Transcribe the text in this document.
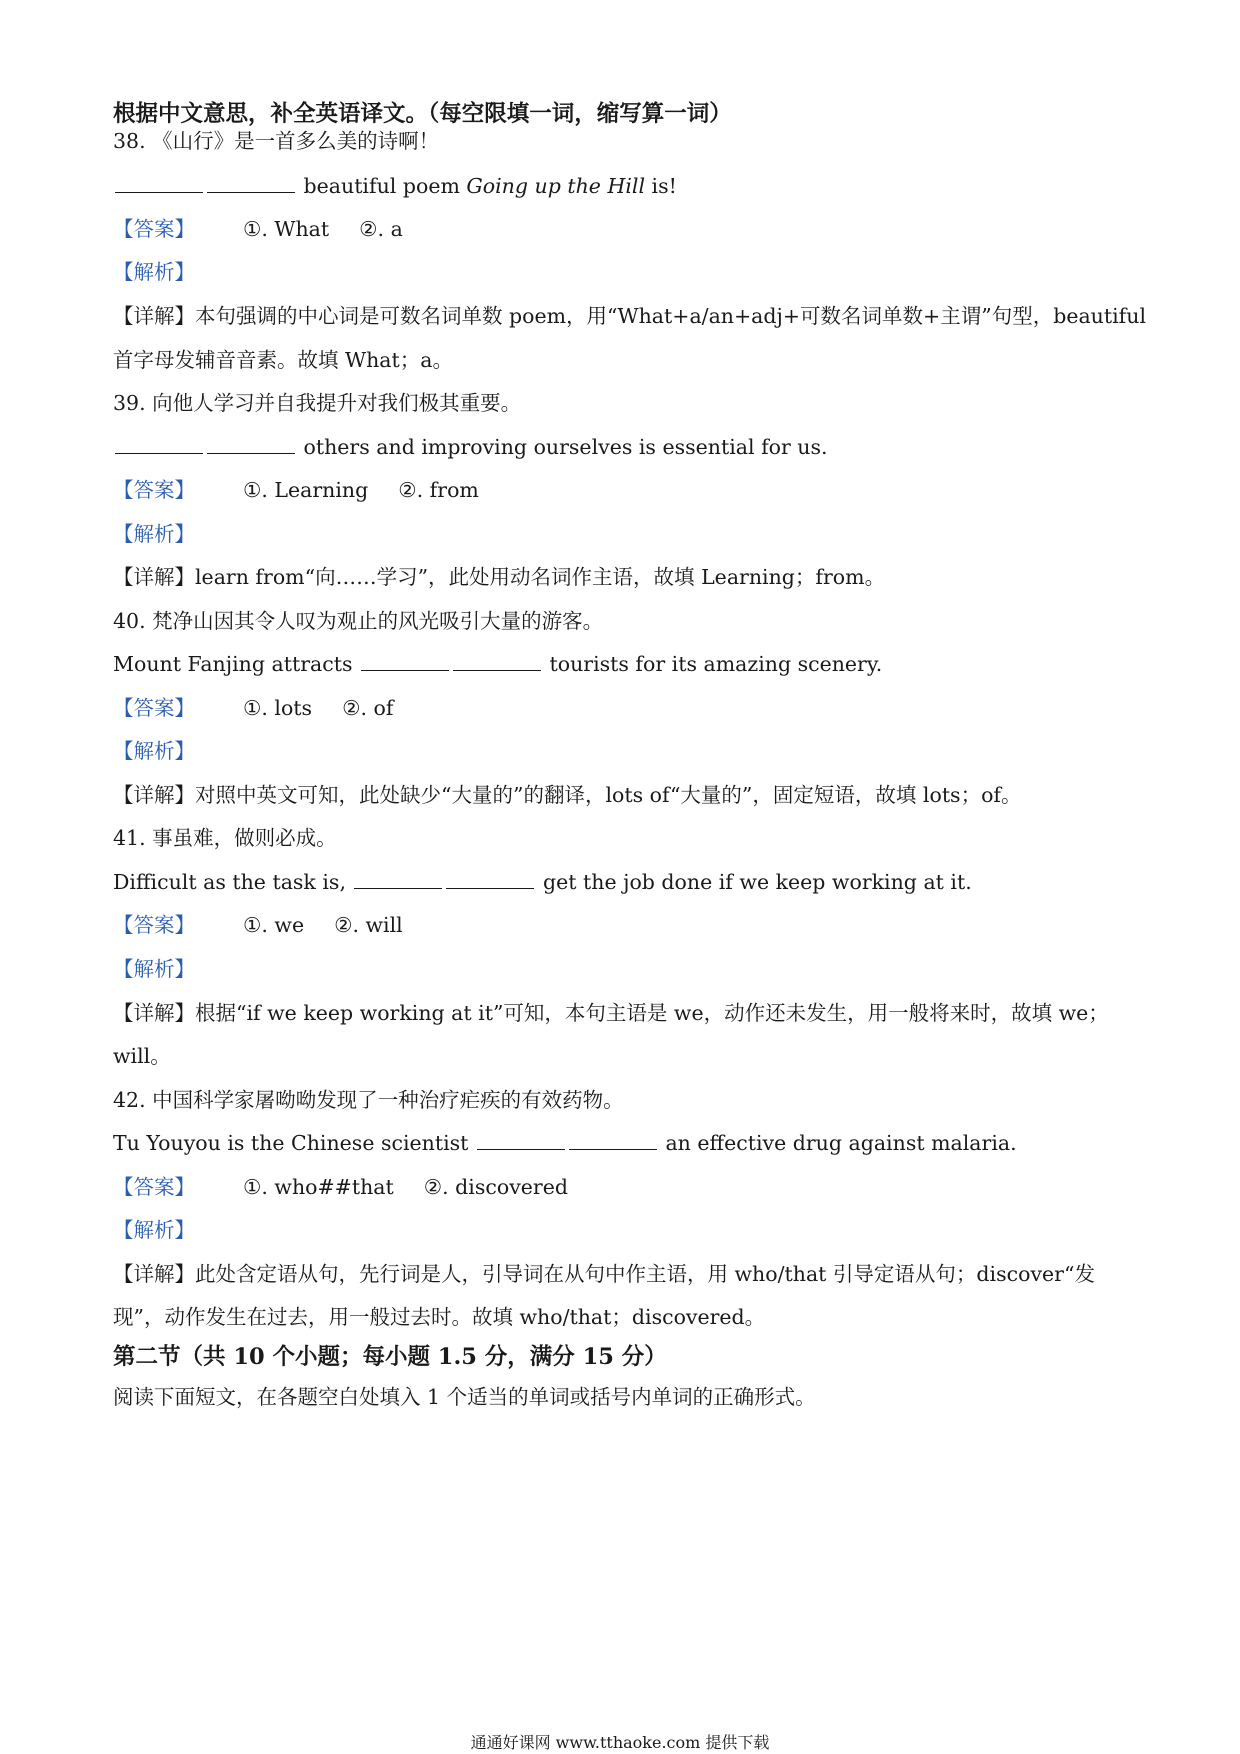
根据中文意思，补全英语译文。（每空限填一词，缩写算一词）
38. 《山行》是一首多么美的诗啊！
beautiful poem Going up the Hill is!
【答案】 ①. What ②. a
【解析】
【详解】本句强调的中心词是可数名词单数 poem，用“What+a/an+adj+可数名词单数+主谓”句型，beautiful
首字母发辅音音素。故填 What；a。
39. 向他人学习并自我提升对我们极其重要。
others and improving ourselves is essential for us.
【答案】 ①. Learning ②. from
【解析】
【详解】learn from“向……学习”，此处用动名词作主语，故填 Learning；from。
40. 梵净山因其令人叹为观止的风光吸引大量的游客。
Mount Fanjing attracts	tourists for its amazing scenery.
【答案】 ①. lots ②. of
【解析】
【详解】对照中英文可知，此处缺少“大量的”的翻译，lots of“大量的”，固定短语，故填 lots；of。
41. 事虽难，做则必成。
Difficult as the task is,	get the job done if we keep working at it.
【答案】 ①. we ②. will
【解析】
【详解】根据“if we keep working at it”可知，本句主语是 we，动作还未发生，用一般将来时，故填 we；
will。
42. 中国科学家屠呦呦发现了一种治疗疟疾的有效药物。
Tu Youyou is the Chinese scientist	an effective drug against malaria.
【答案】 ①. who##that ②. discovered
【解析】
【详解】此处含定语从句，先行词是人，引导词在从句中作主语，用 who/that 引导定语从句；discover“发
现”，动作发生在过去，用一般过去时。故填 who/that；discovered。
第二节（共 10 个小题；每小题 1.5 分，满分 15 分）
阅读下面短文，在各题空白处填入 1 个适当的单词或括号内单词的正确形式。
通通好课网 www.tthaoke.com 提供下载
